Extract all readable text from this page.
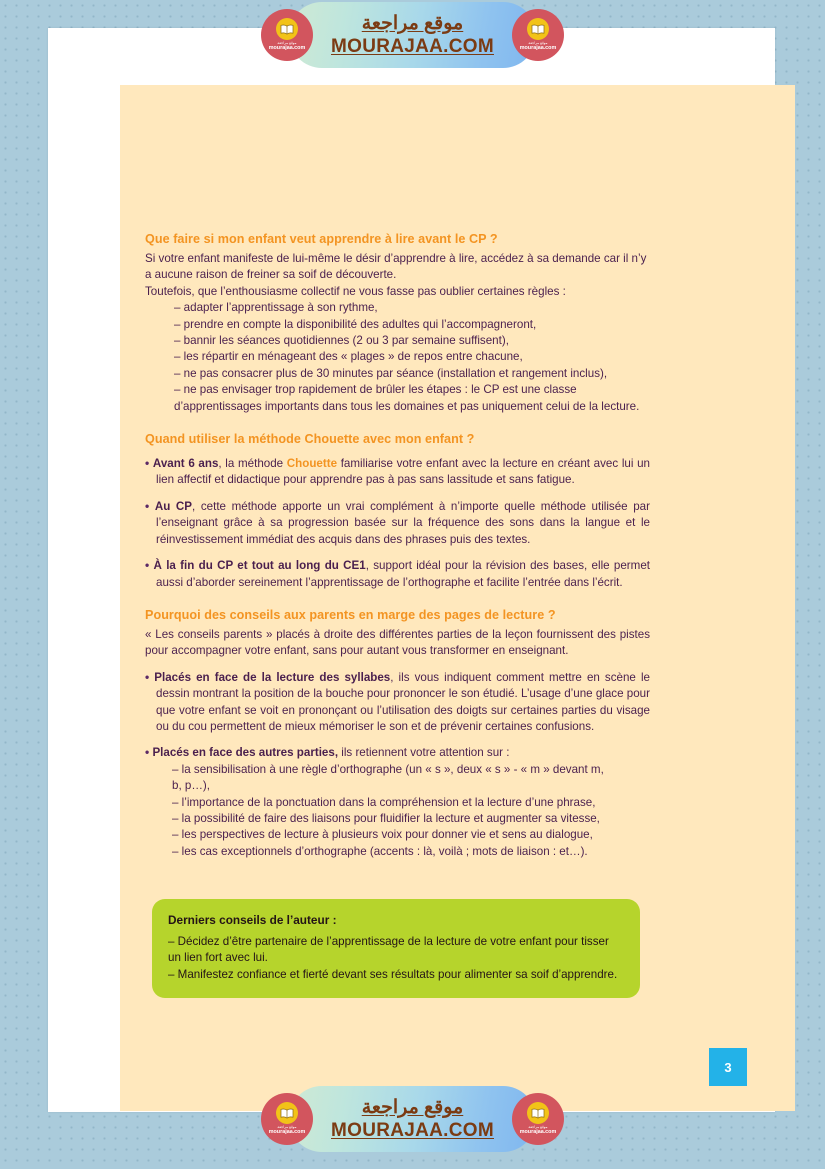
موقع مراجعة
mourajaa.com
موقع مراجعة
MOURAJAA.COM	موقع مراجعة
mourajaa.com
Que faire si mon enfant veut apprendre à lire avant le CP ?

Si votre enfant manifeste de lui-même le désir d’apprendre à lire, accédez à sa demande car il n’y a aucune raison de freiner sa soif de découverte.

Toutefois, que l’enthousiasme collectif ne vous fasse pas oublier certaines règles :

– adapter l’apprentissage à son rythme,
– prendre en compte la disponibilité des adultes qui l’accompagneront,
– bannir les séances quotidiennes (2 ou 3 par semaine suffisent),
– les répartir en ménageant des « plages » de repos entre chacune,
– ne pas consacrer plus de 30 minutes par séance (installation et rangement inclus),
– ne pas envisager trop rapidement de brûler les étapes : le CP est une classe
d’apprentissages importants dans tous les domaines et pas uniquement celui de la lecture.
Quand utiliser la méthode Chouette avec mon enfant ?

• Avant 6 ans, la méthode Chouette familiarise votre enfant avec la lecture en créant avec lui un lien affectif et didactique pour apprendre pas à pas sans lassitude et sans fatigue.

• Au CP, cette méthode apporte un vrai complément à n’importe quelle méthode utilisée par l’enseignant grâce à sa progression basée sur la fréquence des sons dans la langue et le réinvestissement immédiat des acquis dans des phrases puis des textes.

• À la fin du CP et tout au long du CE1, support idéal pour la révision des bases, elle permet aussi d’aborder sereinement l’apprentissage de l’orthographe et facilite l’entrée dans l’écrit.

Pourquoi des conseils aux parents en marge des pages de lecture ?

« Les conseils parents » placés à droite des différentes parties de la leçon fournissent des pistes pour accompagner votre enfant, sans pour autant vous transformer en enseignant.

• Placés en face de la lecture des syllabes, ils vous indiquent comment mettre en scène le dessin montrant la position de la bouche pour prononcer le son étudié. L’usage d’une glace pour que votre enfant se voit en prononçant ou l’utilisation des doigts sur certaines parties du visage ou du cou permettent de mieux mémoriser le son et de prévenir certaines confusions.

• Placés en face des autres parties, ils retiennent votre attention sur :

– la sensibilisation à une règle d’orthographe (un « s », deux « s » - « m » devant m,
b, p…),
– l’importance de la ponctuation dans la compréhension et la lecture d’une phrase,
– la possibilité de faire des liaisons pour fluidifier la lecture et augmenter sa vitesse,
– les perspectives de lecture à plusieurs voix pour donner vie et sens au dialogue,
– les cas exceptionnels d’orthographe (accents : là, voilà ; mots de liaison : et…).
Derniers conseils de l’auteur :
– Décidez d’être partenaire de l’apprentissage de la lecture de votre enfant pour tisser un lien fort avec lui.
– Manifestez confiance et fierté devant ses résultats pour alimenter sa soif d’apprendre.
3
موقع مراجعة
mourajaa.com
موقع مراجعة
MOURAJAA.COM	موقع مراجعة
mourajaa.com
